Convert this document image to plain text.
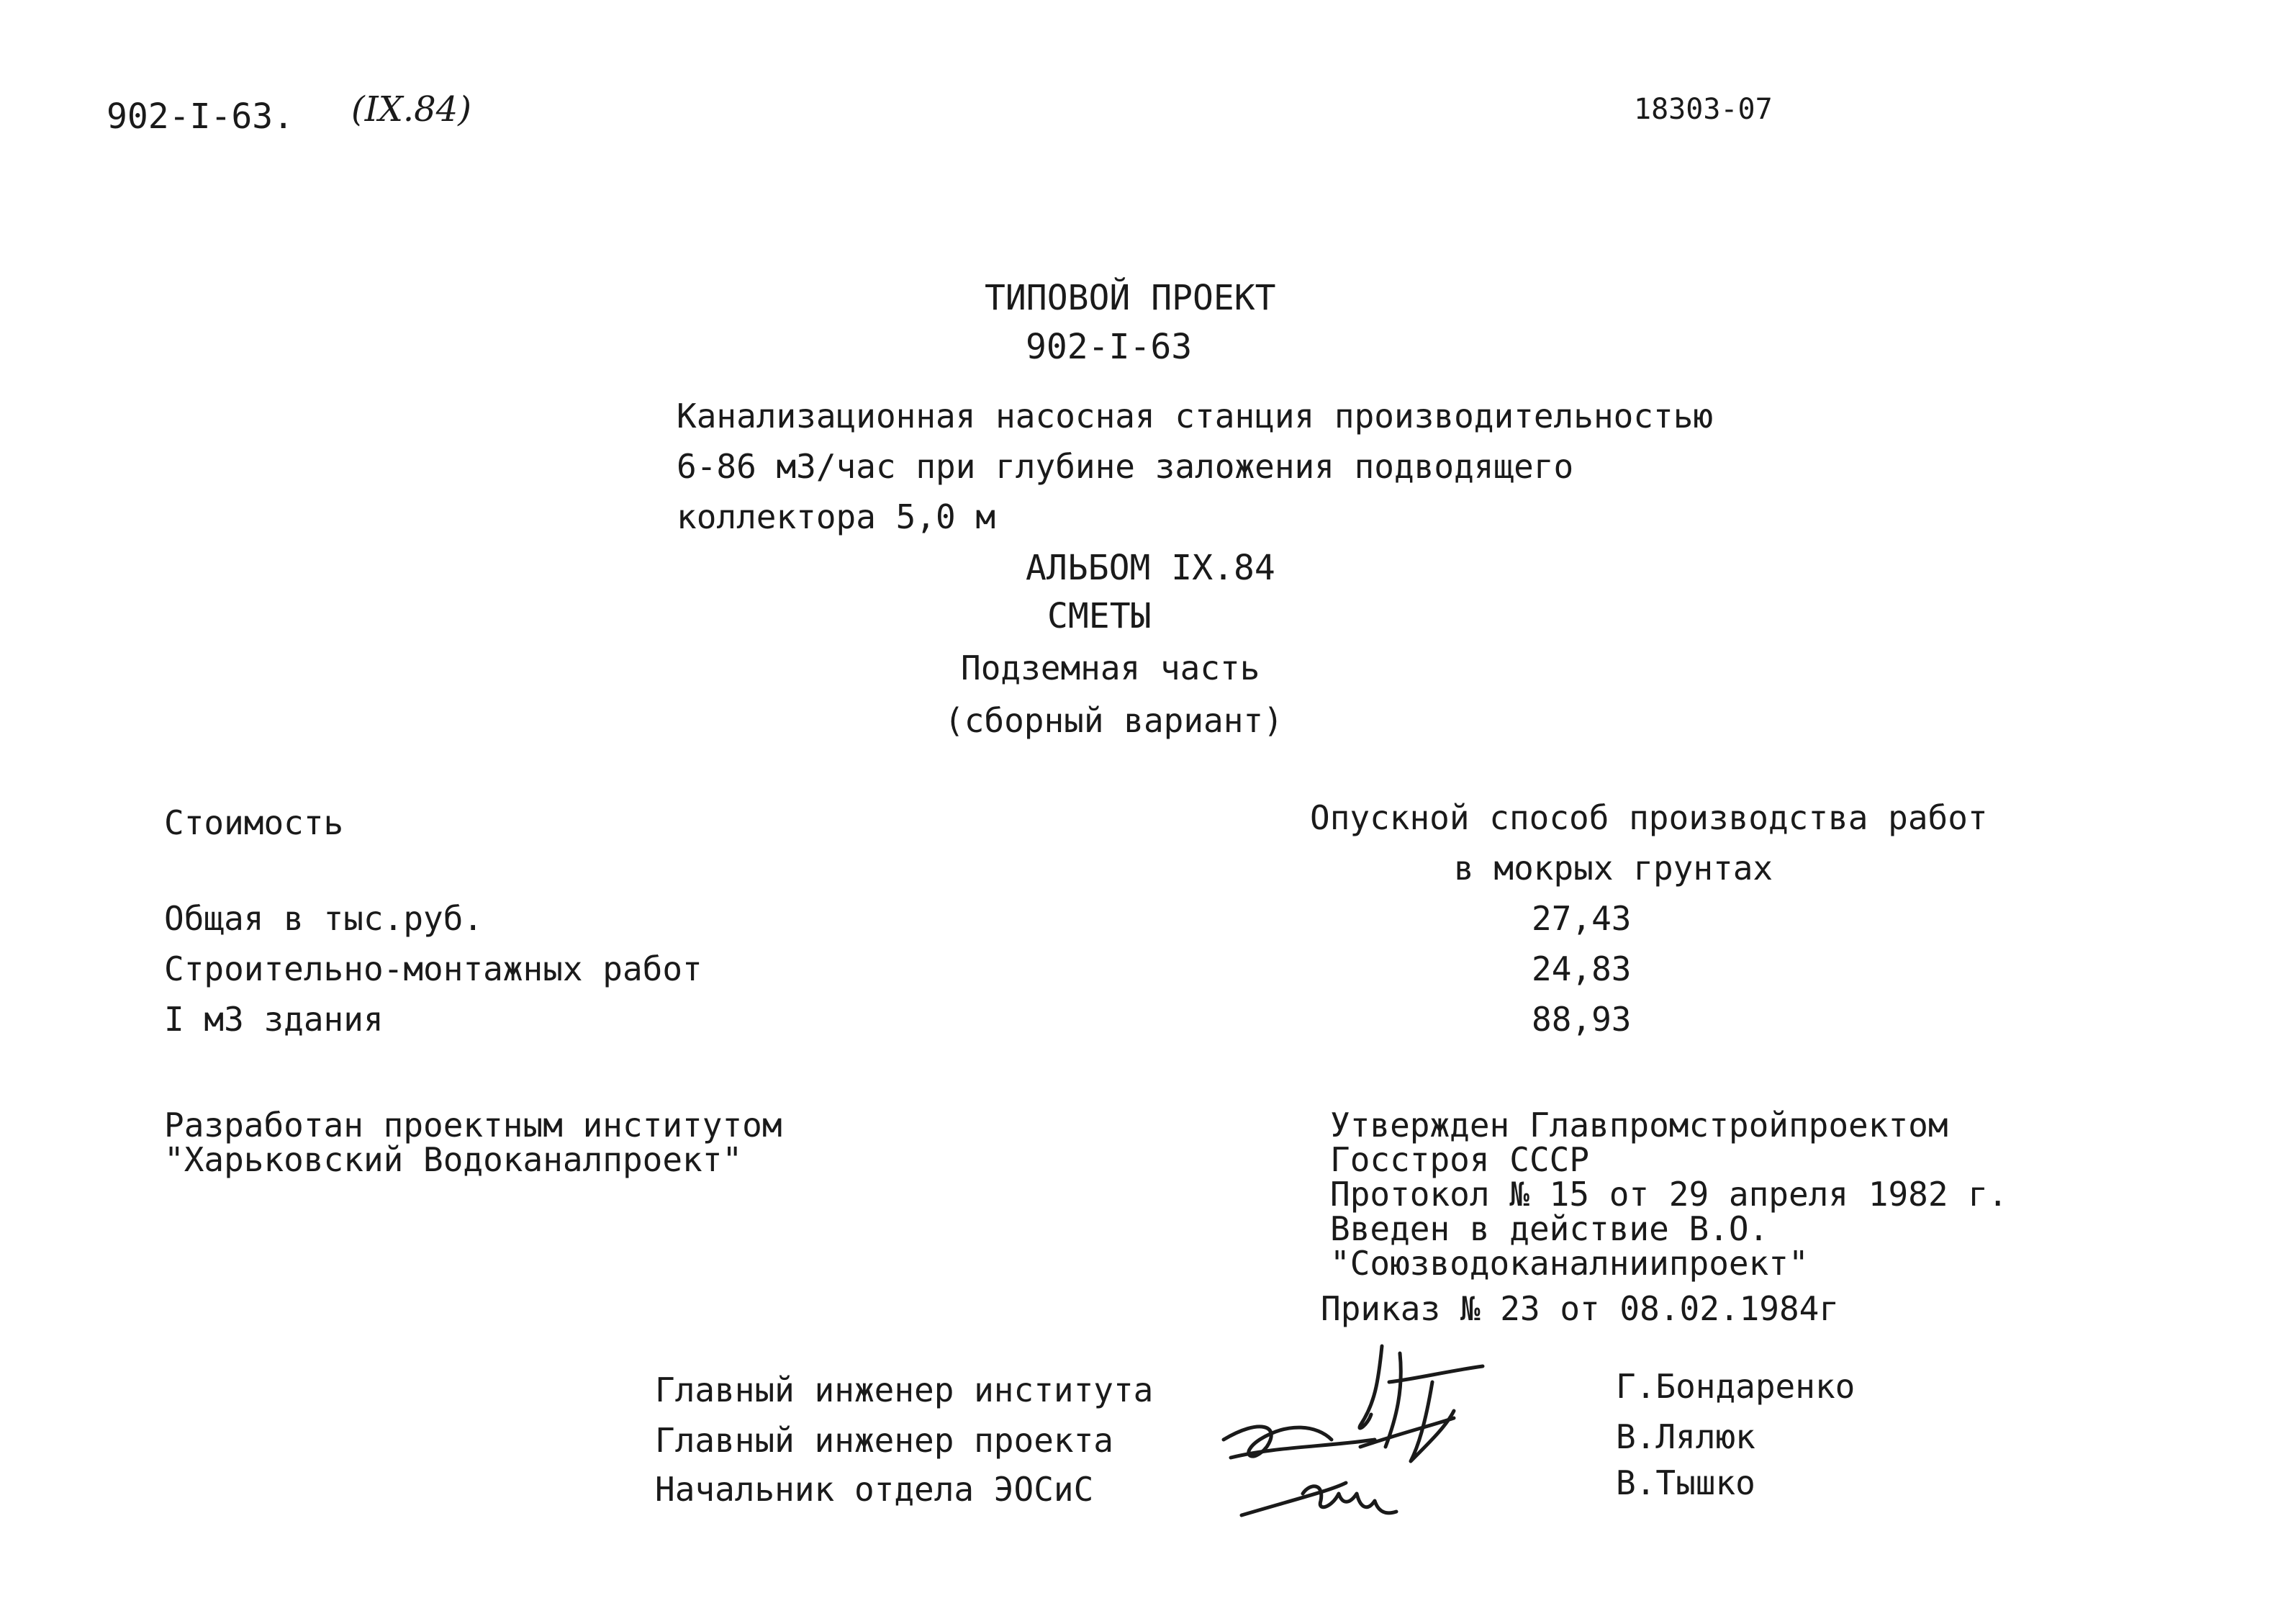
902-I-63. (IX.84)	18303-07
ТИПОВОЙ ПРОЕКТ
902-I-63
Канализационная насосная станция производительностью
6-86 м3/час при глубине заложения подводящего
коллектора 5,0 м
АЛЬБОМ IX.84
СМЕТЫ
Подземная часть
(сборный вариант)
Стоимость	Опускной способ производства работ
в мокрых грунтах
Общая в тыс.руб.	27,43
Строительно-монтажных работ	24,83
I м3 здания	88,93
Разработан проектным институтом
"Харьковский Водоканалпроект"
Утвержден Главпромстройпроектом
Госстроя СССР
Протокол № 15 от 29 апреля 1982 г.
Введен в действие В.О.
"Союзводоканалниипроект"
Приказ № 23 от 08.02.1984г
Главный инженер института	Г.Бондаренко
Главный инженер проекта	В.Лялюк
Начальник отдела ЭОСиС	В.Тышко
